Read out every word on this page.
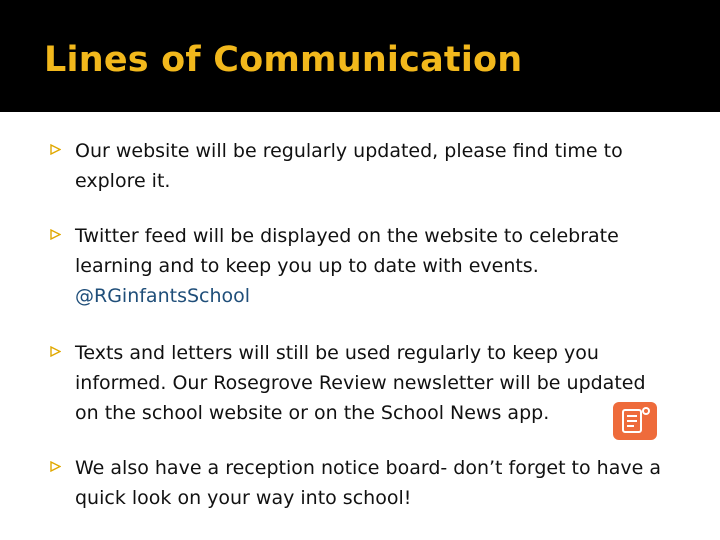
Lines of Communication
Our website will be regularly updated, please find time to
explore it.
Twitter feed will be displayed on the website to celebrate
learning and to keep you up to date with events.
@RGinfantsSchool
Texts and letters will still be used regularly to keep you
informed. Our Rosegrove Review newsletter will be updated
on the school website or on the School News app.
We also have a reception notice board- don’t forget to have a
quick look on your way into school!
